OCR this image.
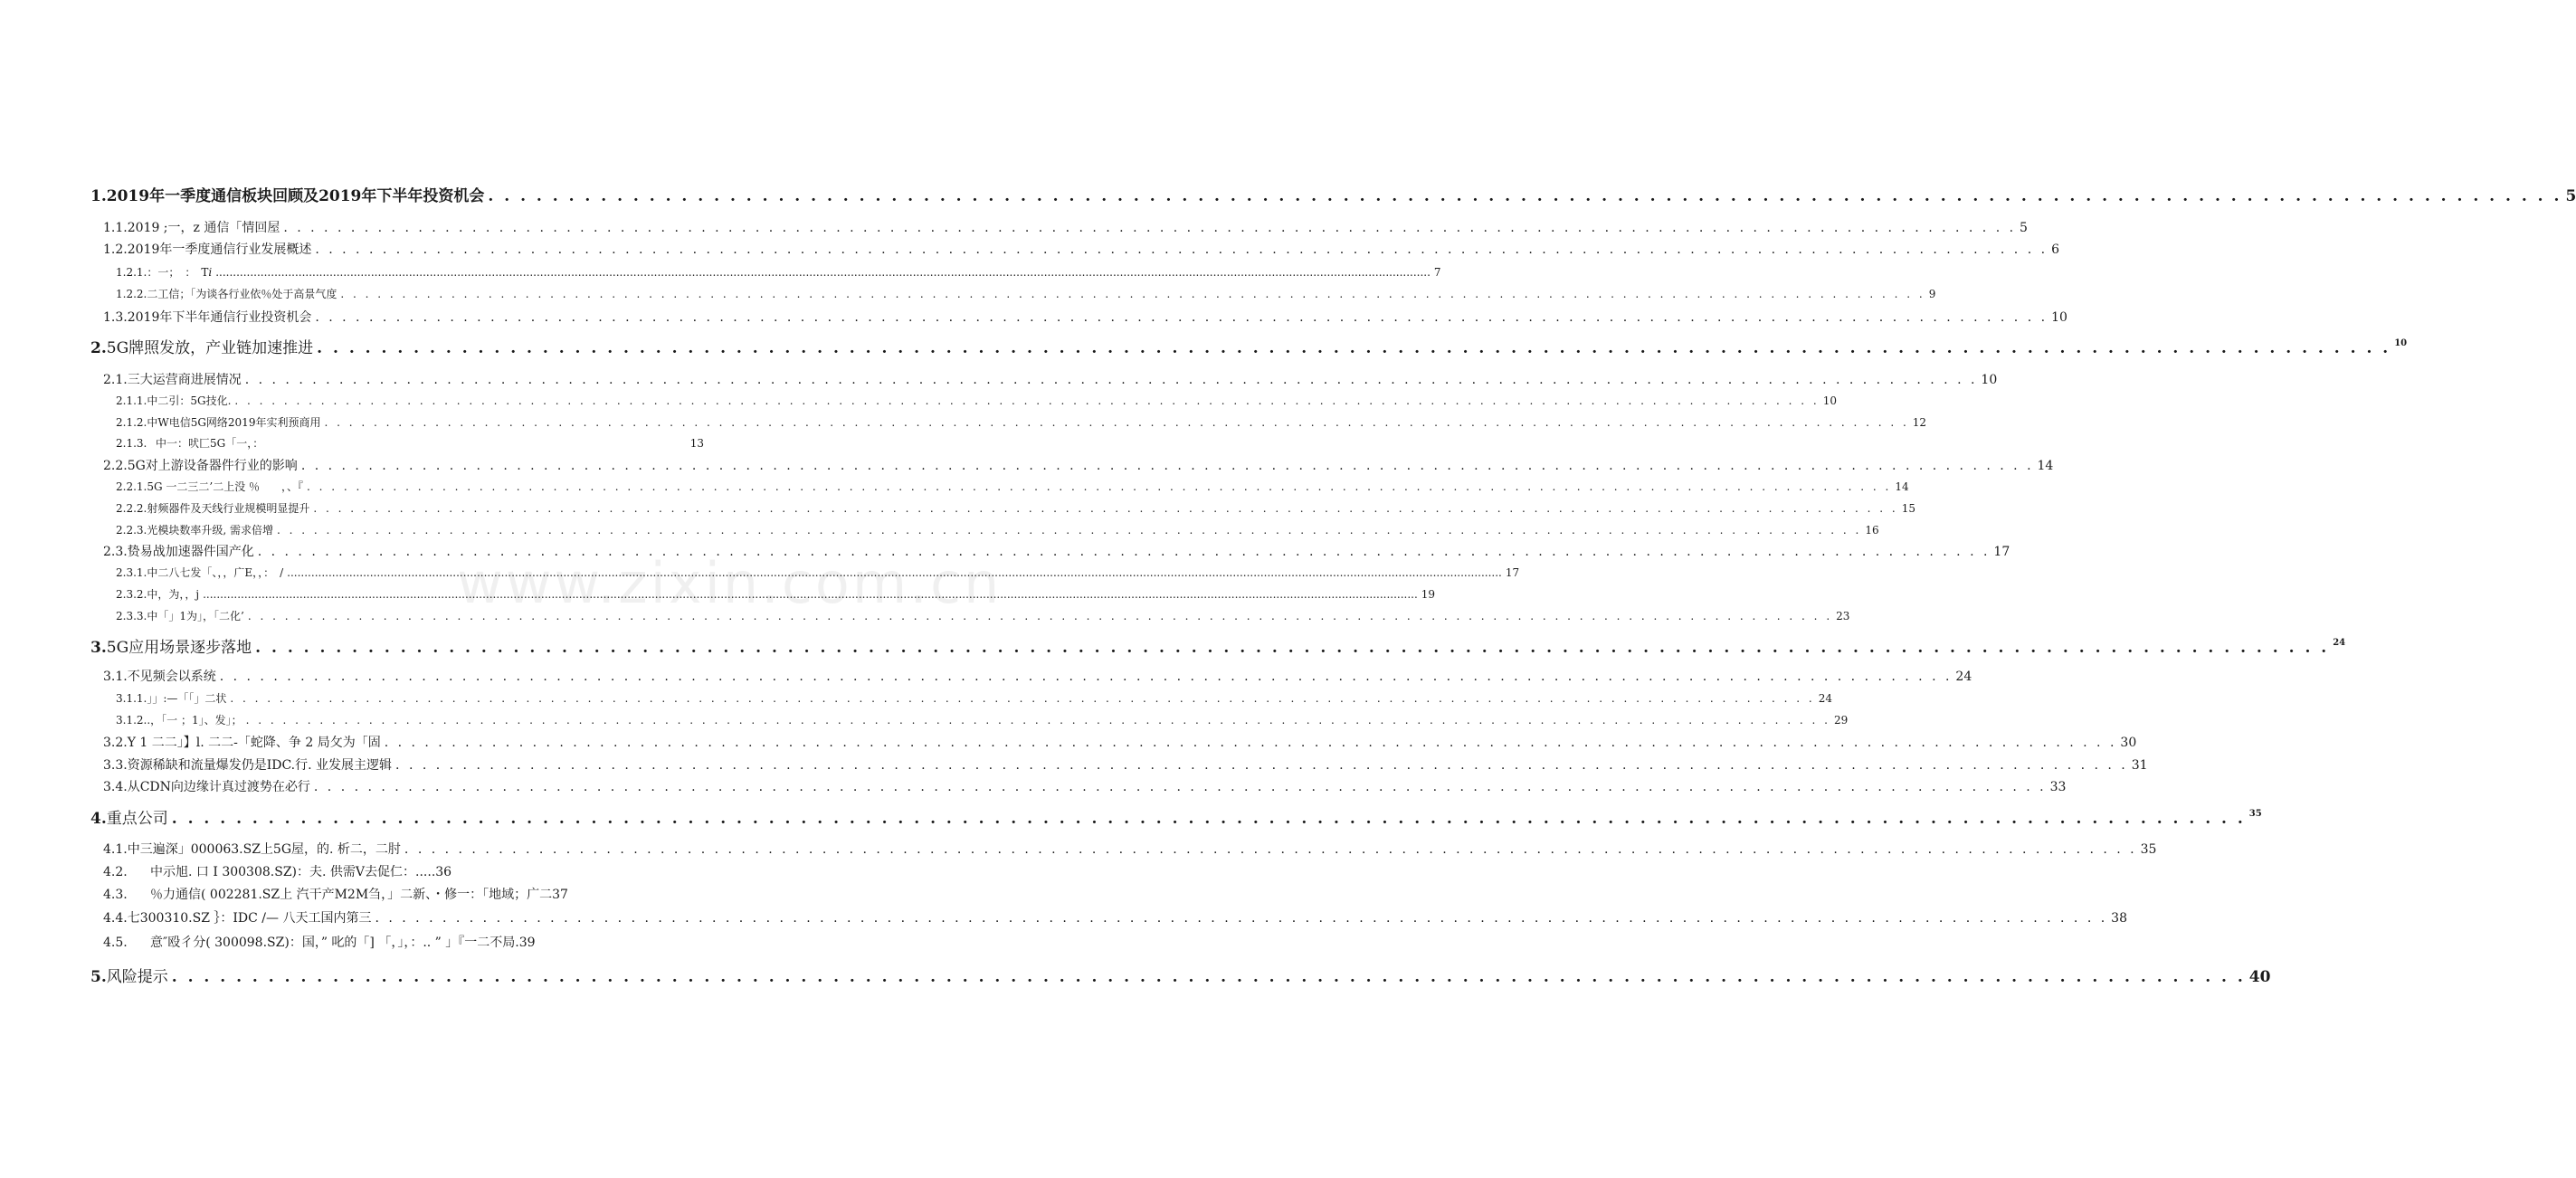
1. 2019年一季度通信板块回顾及2019年下半年投资机会 . . .	5
1.1. 2019 ;一，z 通信「情回屋 . . .	5
1.2. 2019年一季度通信行业发展概述 . . .	6
1.2.1. ：一；　：　T i .....	7
1.2.2. 二工信；「为谈各行业依％处于高景气度 . . .	9
1.3. 2019年下半年通信行业投资机会 . . .	10
2. 5G牌照发放，产业链加速推进 . . .	10
2.1. 三大运营商进展情况 . . .	10
2.1.1. 中二引：5G技化. . . .	10
2.1.2. 中W电信5G网络2019年实利预商用 . . .	12
2.1.3. 中一：吠匚5G「一，：	13
2.2. 5G对上游设备器件行业的影响 . . .	14
2.2.1. 5G 一二三二’二上没 ％　　，、『 . . .	14
2.2.2. 射频器件及天线行业规模明显提升 . . .	15
2.2.3. 光模块数率升级, 需求倍增 . . .	16
2.3. 贽易战加速器件国产化 . . .	17
2.3.1. 中二八七发「、，，广E，，：　/ .....	17
2.3.2. 中，为，，j .....	19
2.3.3. 中「」1为」，「二化’ . . .	23
3. 5G应用场景逐步落地 . . .	24
3.1. 不见频会以系统 . . .	24
3.1.1. 」」:—「「」二状 . . .	24
3.1.2. .，「一 ；1」、发」； . . .	29
3.2. Y 1 二二」】l. 二二-「蛇 降、争 2 局攵为「固 . . .	30
3.3. 资源稀缺和流量爆发仍是IDC.行. 业发展主逻辑 . . .	31
3.4. 从CDN向边缘计真过渡势在必行 . . .	33
4. 重点公司 . . .	35
4.1. 中三遍深」000063.SZ上5G屋，的. 析二，二肘 . . .	35
4.2.	中示旭. 口 I 300308.SZ)：夫. 供需V去促仁：.....36
4.3.	％力通信( 002281.SZ上 汽干产M2M刍，」二新、・修一：「地域；广二37
4.4. 七300310.SZ ｝：IDC /— 八天工国内第三 . . .	38
4.5.	意″殴彳分( 300098.SZ)：国，” 叱的「] 「，」，：.. ” 」『一二不局.39
5. 风险提示 . . .	40
www.zixin.com.cn
